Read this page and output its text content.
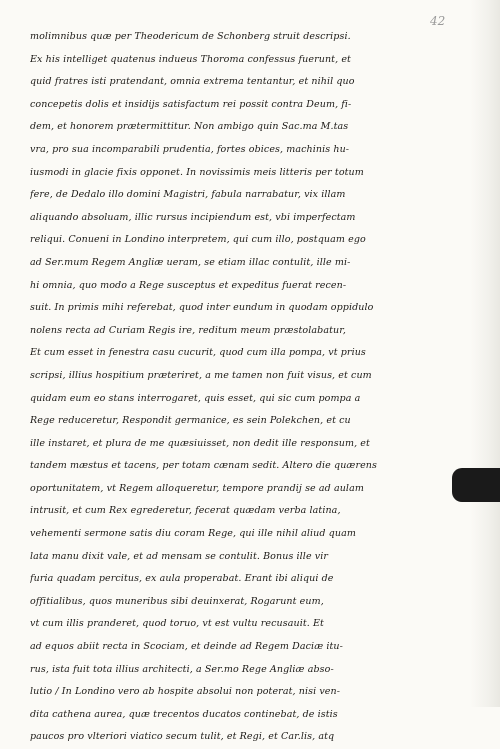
42
molimnibus quæ per Theodericum de Schonberg struit descripsi.
Ex his intelliget quatenus indueus Thoroma confessus fuerunt, et
quid fratres isti pratendant, omnia extrema tentantur, et nihil quo
concepetis dolis et insidijs satisfactum rei possit contra Deum, fi-
dem, et honorem prætermittitur. Non ambigo quin Sac.ma M.tas
vra, pro sua incomparabili prudentia, fortes obices, machinis hu-
iusmodi in glacie fixis opponet. In novissimis meis litteris per totum
fere, de Dedalo illo domini Magistri, fabula narrabatur, vix illam
aliquando absoluam, illic rursus incipiendum est, vbi imperfectam
reliqui. Conueni in Londino interpretem, qui cum illo, postquam ego
ad Ser.mum Regem Angliæ ueram, se etiam illac contulit, ille mi-
hi omnia, quo modo a Rege susceptus et expeditus fuerat recen-
suit. In primis mihi referebat, quod inter eundum in quodam oppidulo
nolens recta ad Curiam Regis ire, reditum meum præstolabatur,
Et cum esset in fenestra casu cucurit, quod cum illa pompa, vt prius
scripsi, illius hospitium præteriret, a me tamen non fuit visus, et cum
quidam eum eo stans interrogaret, quis esset, qui sic cum pompa a
Rege reduceretur, Respondit germanice, es sein Polekchen, et cu
ille instaret, et plura de me quæsiuisset, non dedit ille responsum, et
tandem mæstus et tacens, per totam cænam sedit. Altero die quærens
oportunitatem, vt Regem alloqueretur, tempore prandij se ad aulam
intrusit, et cum Rex egrederetur, fecerat quædam verba latina,
vehementi sermone satis diu coram Rege, qui ille nihil aliud quam
lata manu dixit vale, et ad mensam se contulit. Bonus ille vir
furia quadam percitus, ex aula properabat. Erant ibi aliqui de
offitialibus, quos muneribus sibi deuinxerat, Rogarunt eum,
vt cum illis pranderet, quod toruo, vt est vultu recusauit. Et
ad equos abiit recta in Scociam, et deinde ad Regem Daciæ itu-
rus, ista fuit tota illius architecti, a Ser.mo Rege Angliæ abso-
lutio / In Londino vero ab hospite absolui non poterat, nisi ven-
dita cathena aurea, quæ trecentos ducatos continebat, de istis
paucos pro vlteriori viatico secum tulit, et Regi, et Car.lis, atq
